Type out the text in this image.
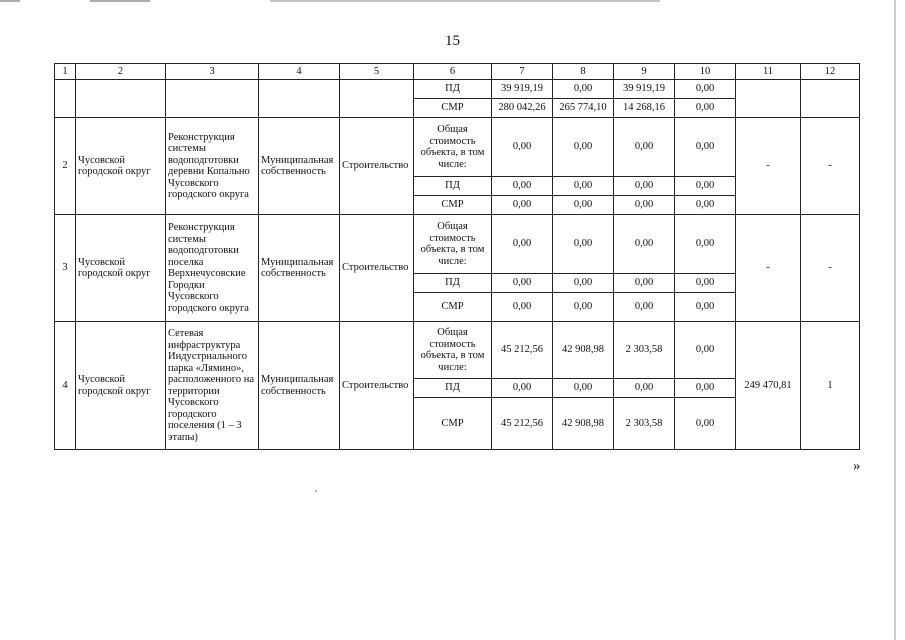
15
1	2	3	4	5	6	7	8	9	10	11	12
					ПД	39 919,19	0,00	39 919,19	0,00		
					СМР	280 042,26	265 774,10	14 268,16	0,00		
2	Чусовской городской округ	Реконструкция системы водоподготовки деревни Копально Чусовского городского округа	Муниципальная собственность	Строительство	Общая стоимость объекта, в том числе:	0,00	0,00	0,00	0,00	-	-
					ПД	0,00	0,00	0,00	0,00		
					СМР	0,00	0,00	0,00	0,00		
3	Чусовской городской округ	Реконструкция системы водоподготовки поселка Верхнечусовские Городки Чусовского городского округа	Муниципальная собственность	Строительство	Общая стоимость объекта, в том числе:	0,00	0,00	0,00	0,00	-	-
					ПД	0,00	0,00	0,00	0,00		
					СМР	0,00	0,00	0,00	0,00		
4	Чусовской городской округ	Сетевая инфраструктура Индустриального парка «Лямино», расположенного на территории Чусовского городского поселения (1 – 3 этапы)	Муниципальная собственность	Строительство	Общая стоимость объекта, в том числе:	45 212,56	42 908,98	2 303,58	0,00	249 470,81	1
					ПД	0,00	0,00	0,00	0,00		
					СМР	45 212,56	42 908,98	2 303,58	0,00		
»
